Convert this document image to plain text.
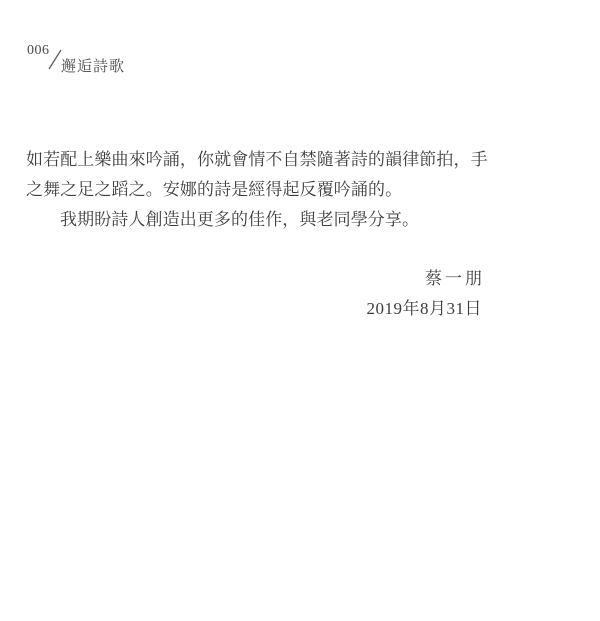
006
邂逅詩歌
如若配上樂曲來吟誦，你就會情不自禁隨著詩的韻律節拍，手
之舞之足之蹈之。安娜的詩是經得起反覆吟誦的。
我期盼詩人創造出更多的佳作，與老同學分享。
蔡一朋
2019年8月31日
